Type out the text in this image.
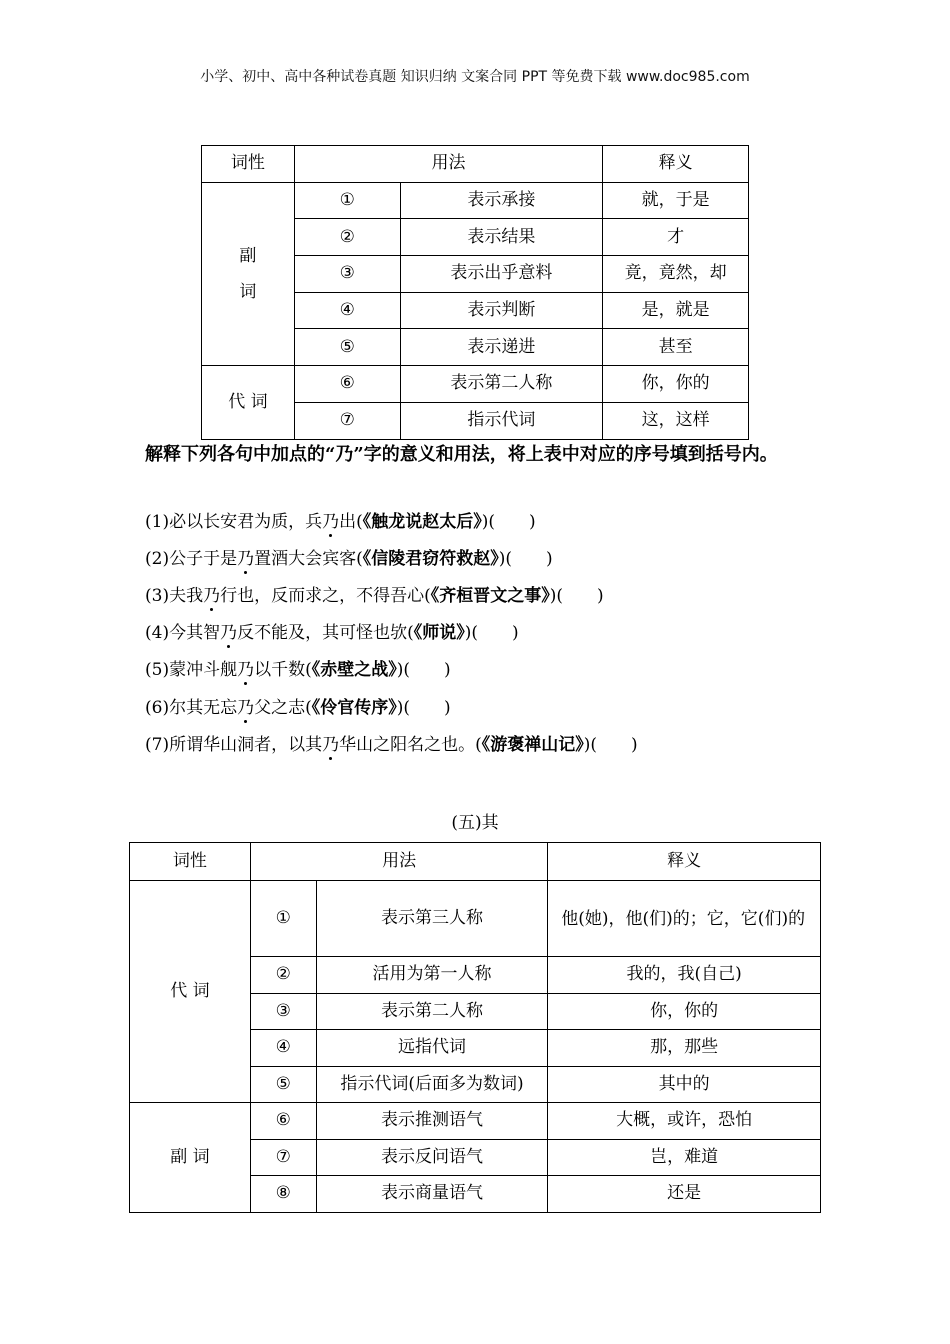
小学、初中、高中各种试卷真题 知识归纳 文案合同 PPT 等免费下载 www.doc985.com
词性	用法		释义
副 词	①	表示承接	就，于是
	②	表示结果	才
	③	表示出乎意料	竟，竟然，却
	④	表示判断	是，就是
	⑤	表示递进	甚至
代 词	⑥	表示第二人称	你，你的
	⑦	指示代词	这，这样
解释下列各句中加点的“乃”字的意义和用法，将上表中对应的序号填到括号内。
(1)必以长安君为质，兵乃出(《触龙说赵太后》)(　　)
(2)公子于是乃置酒大会宾客(《信陵君窃符救赵》)(　　)
(3)夫我乃行也，反而求之，不得吾心(《齐桓晋文之事》)(　　)
(4)今其智乃反不能及，其可怪也欤(《师说》)(　　)
(5)蒙冲斗舰乃以千数(《赤壁之战》)(　　)
(6)尔其无忘乃父之志(《伶官传序》)(　　)
(7)所谓华山洞者，以其乃华山之阳名之也。(《游褒禅山记》)(　　)
(五)其
词性	用法		释义
代 词	①	表示第三人称	他(她)，他(们)的；它，它(们)的
	②	活用为第一人称	我的，我(自己)
	③	表示第二人称	你，你的
	④	远指代词	那，那些
	⑤	指示代词(后面多为数词)	其中的
副 词	⑥	表示推测语气	大概，或许，恐怕
	⑦	表示反问语气	岂，难道
	⑧	表示商量语气	还是
